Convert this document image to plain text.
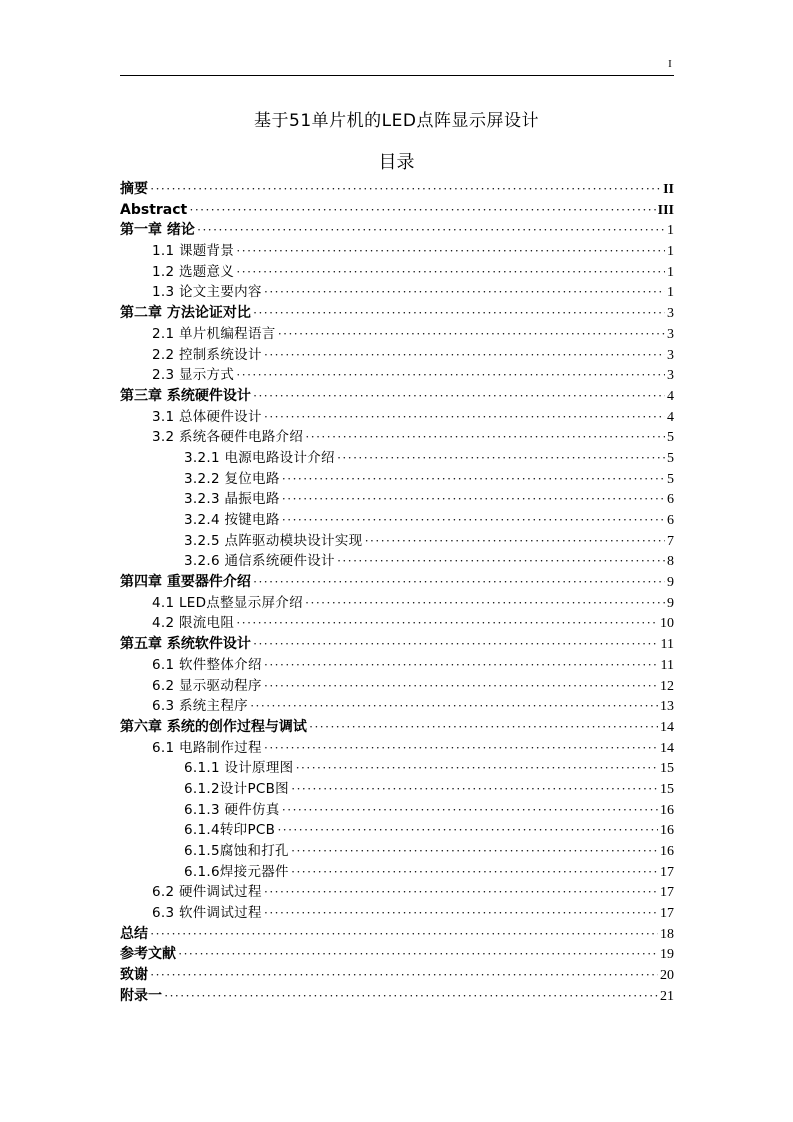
I
基于51单片机的LED点阵显示屏设计
目录
摘要 ·····	II
Abstract ·····	III
第一章 绪论 ·····	1
1.1 课题背景 ·····	1
1.2 选题意义 ·····	1
1.3 论文主要内容 ·····	1
第二章 方法论证对比 ·····	3
2.1 单片机编程语言 ·····	3
2.2 控制系统设计 ·····	3
2.3 显示方式 ·····	3
第三章 系统硬件设计 ·····	4
3.1 总体硬件设计 ·····	4
3.2 系统各硬件电路介绍 ·····	5
3.2.1 电源电路设计介绍 ·····	5
3.2.2 复位电路 ·····	5
3.2.3 晶振电路 ·····	6
3.2.4 按键电路 ·····	6
3.2.5 点阵驱动模块设计实现 ·····	7
3.2.6 通信系统硬件设计 ·····	8
第四章 重要器件介绍 ·····	9
4.1 LED点整显示屏介绍 ·····	9
4.2 限流电阻 ·····	10
第五章 系统软件设计 ·····	11
6.1 软件整体介绍 ·····	11
6.2 显示驱动程序 ·····	12
6.3 系统主程序 ·····	13
第六章 系统的创作过程与调试 ·····	14
6.1 电路制作过程 ·····	14
6.1.1 设计原理图 ·····	15
6.1.2设计PCB图 ·····	15
6.1.3 硬件仿真 ·····	16
6.1.4转印PCB ·····	16
6.1.5腐蚀和打孔 ·····	16
6.1.6焊接元器件 ·····	17
6.2 硬件调试过程 ·····	17
6.3 软件调试过程 ·····	17
总结 ·····	18
参考文献 ·····	19
致谢 ·····	20
附录一 ·····	21
